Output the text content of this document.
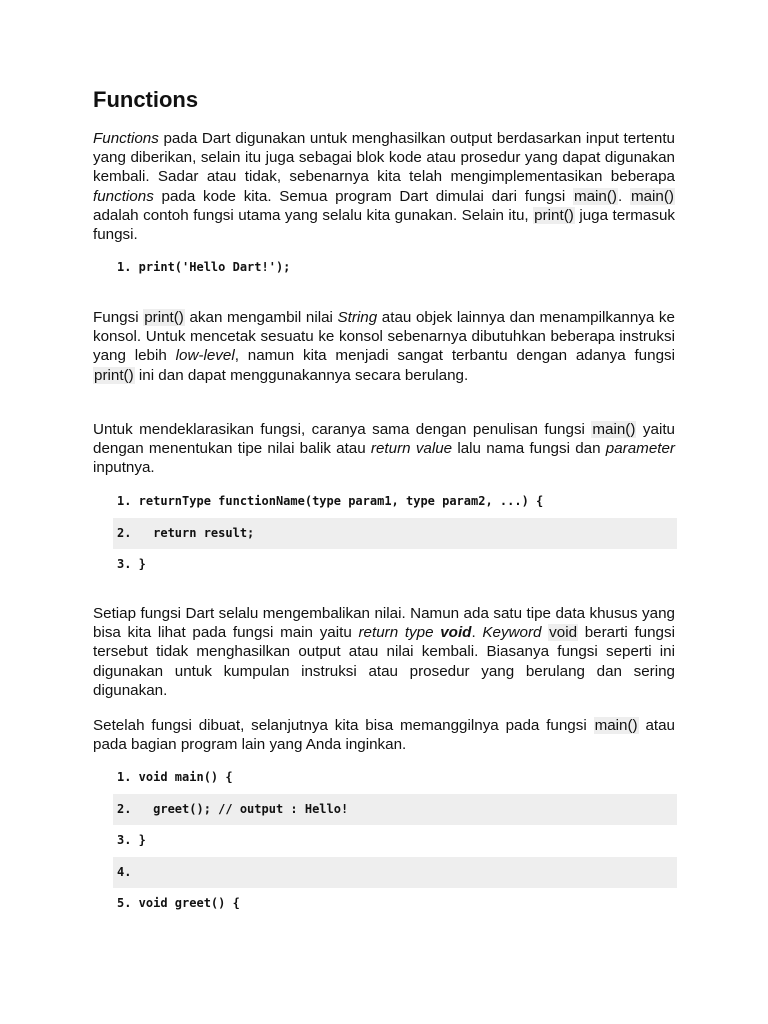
Functions

Functions pada Dart digunakan untuk menghasilkan output berdasarkan input tertentu yang diberikan, selain itu juga sebagai blok kode atau prosedur yang dapat digunakan kembali. Sadar atau tidak, sebenarnya kita telah mengimplementasikan beberapa functions pada kode kita. Semua program Dart dimulai dari fungsi main(). main() adalah contoh fungsi utama yang selalu kita gunakan. Selain itu, print() juga termasuk fungsi.

1. print('Hello Dart!');

Fungsi print() akan mengambil nilai String atau objek lainnya dan menampilkannya ke konsol. Untuk mencetak sesuatu ke konsol sebenarnya dibutuhkan beberapa instruksi yang lebih low-level, namun kita menjadi sangat terbantu dengan adanya fungsi print() ini dan dapat menggunakannya secara berulang.

Untuk mendeklarasikan fungsi, caranya sama dengan penulisan fungsi main() yaitu dengan menentukan tipe nilai balik atau return value lalu nama fungsi dan parameter inputnya.

1. returnType functionName(type param1, type param2, ...) {
2.   return result;
3. }

Setiap fungsi Dart selalu mengembalikan nilai. Namun ada satu tipe data khusus yang bisa kita lihat pada fungsi main yaitu return type void. Keyword void berarti fungsi tersebut tidak menghasilkan output atau nilai kembali. Biasanya fungsi seperti ini digunakan untuk kumpulan instruksi atau prosedur yang berulang dan sering digunakan.

Setelah fungsi dibuat, selanjutnya kita bisa memanggilnya pada fungsi main() atau pada bagian program lain yang Anda inginkan.

1. void main() {
2.   greet(); // output : Hello!
3. }
4.
5. void greet() {
